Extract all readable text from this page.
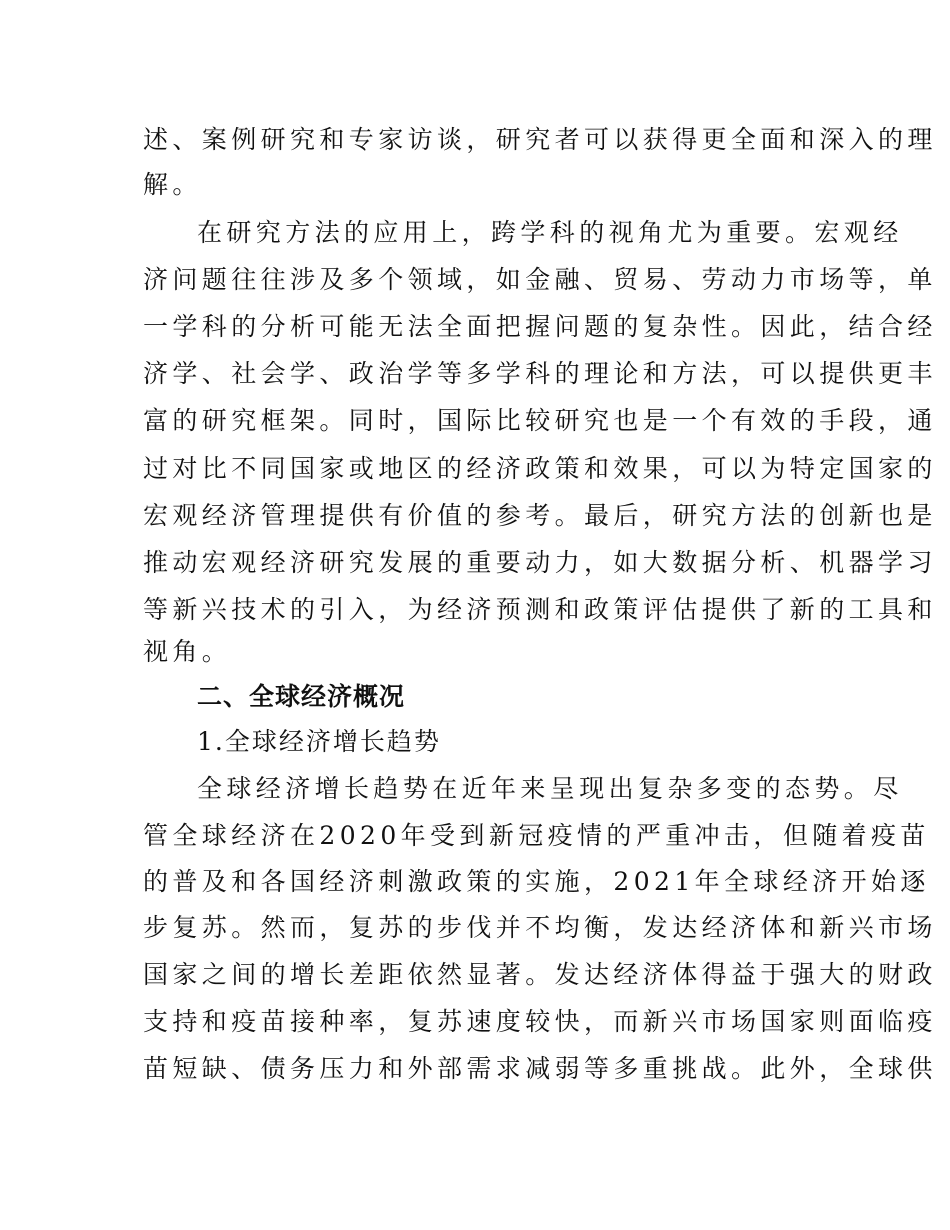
述、案例研究和专家访谈，研究者可以获得更全面和深入的理
解。
在研究方法的应用上，跨学科的视角尤为重要。宏观经
济问题往往涉及多个领域，如金融、贸易、劳动力市场等，单
一学科的分析可能无法全面把握问题的复杂性。因此，结合经
济学、社会学、政治学等多学科的理论和方法，可以提供更丰
富的研究框架。同时，国际比较研究也是一个有效的手段，通
过对比不同国家或地区的经济政策和效果，可以为特定国家的
宏观经济管理提供有价值的参考。最后，研究方法的创新也是
推动宏观经济研究发展的重要动力，如大数据分析、机器学习
等新兴技术的引入，为经济预测和政策评估提供了新的工具和
视角。
二、全球经济概况
1.全球经济增长趋势
全球经济增长趋势在近年来呈现出复杂多变的态势。尽
管全球经济在2020年受到新冠疫情的严重冲击，但随着疫苗
的普及和各国经济刺激政策的实施，2021年全球经济开始逐
步复苏。然而，复苏的步伐并不均衡，发达经济体和新兴市场
国家之间的增长差距依然显著。发达经济体得益于强大的财政
支持和疫苗接种率，复苏速度较快，而新兴市场国家则面临疫
苗短缺、债务压力和外部需求减弱等多重挑战。此外，全球供
